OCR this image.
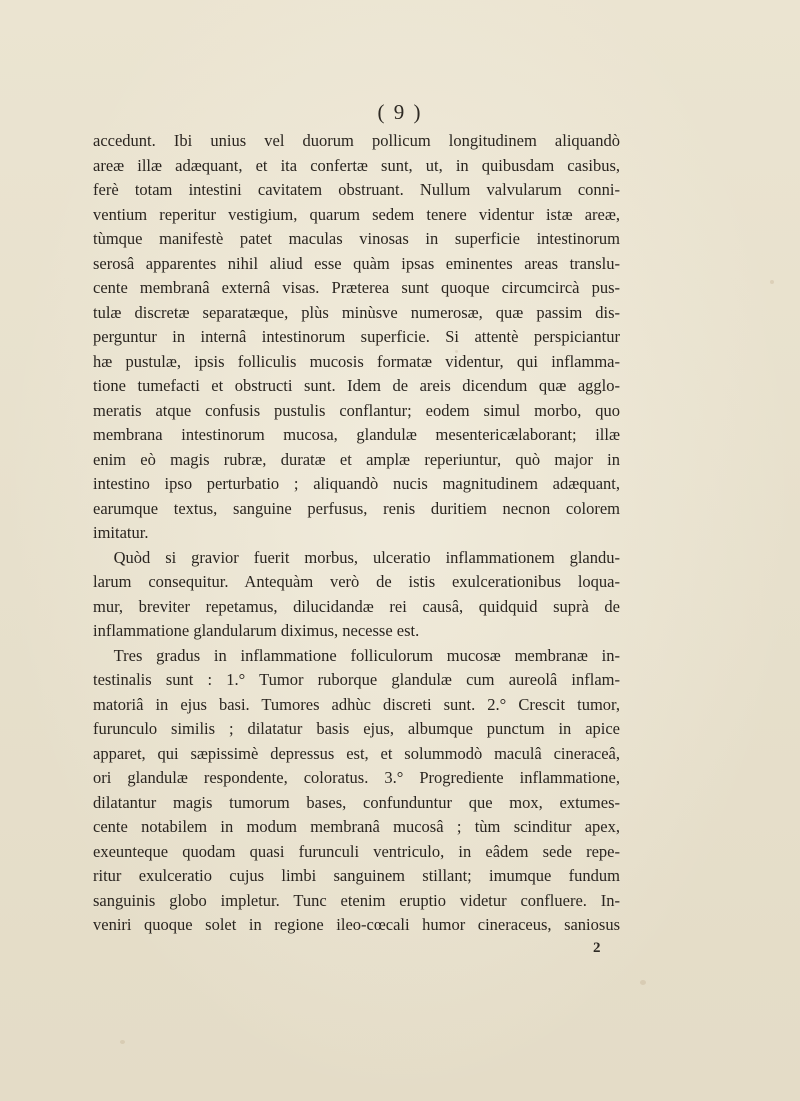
( 9 )
accedunt. Ibi unius vel duorum pollicum longitudinem aliquandò
areæ illæ adæquant, et ita confertæ sunt, ut, in quibusdam casibus,
ferè totam intestini cavitatem obstruant. Nullum valvularum conni-
ventium reperitur vestigium, quarum sedem tenere videntur istæ areæ,
tùmque manifestè patet maculas vinosas in superficie intestinorum
serosâ apparentes nihil aliud esse quàm ipsas eminentes areas translu-
cente membranâ externâ visas. Præterea sunt quoque circumcircà pus-
tulæ discretæ separatæque, plùs minùsve numerosæ, quæ passim dis-
perguntur in internâ intestinorum superficie. Si attentè perspiciantur
hæ pustulæ, ipsis folliculis mucosis formatæ videntur, qui inflamma-
tione tumefacti et obstructi sunt. Idem de areis dicendum quæ agglo-
meratis atque confusis pustulis conflantur; eodem simul morbo, quo
membrana intestinorum mucosa, glandulæ mesentericælaborant; illæ
enim eò magis rubræ, duratæ et amplæ reperiuntur, quò major in
intestino ipso perturbatio ; aliquandò nucis magnitudinem adæquant,
earumque textus, sanguine perfusus, renis duritiem necnon colorem
imitatur.
Quòd si gravior fuerit morbus, ulceratio inflammationem glandu-
larum consequitur. Antequàm verò de istis exulcerationibus loqua-
mur, breviter repetamus, dilucidandæ rei causâ, quidquid suprà de
inflammatione glandularum diximus, necesse est.
Tres gradus in inflammatione folliculorum mucosæ membranæ in-
testinalis sunt : 1.° Tumor ruborque glandulæ cum aureolâ inflam-
matoriâ in ejus basi. Tumores adhùc discreti sunt. 2.° Crescit tumor,
furunculo similis ; dilatatur basis ejus, albumque punctum in apice
apparet, qui sæpissimè depressus est, et solummodò maculâ cineraceâ,
ori glandulæ respondente, coloratus. 3.° Progrediente inflammatione,
dilatantur magis tumorum bases, confunduntur que mox, extumes-
cente notabilem in modum membranâ mucosâ ; tùm scinditur apex,
exeunteque quodam quasi furunculi ventriculo, in eâdem sede repe-
ritur exulceratio cujus limbi sanguinem stillant; imumque fundum
sanguinis globo impletur. Tunc etenim eruptio videtur confluere. In-
veniri quoque solet in regione ileo-cœcali humor cineraceus, saniosus
2
